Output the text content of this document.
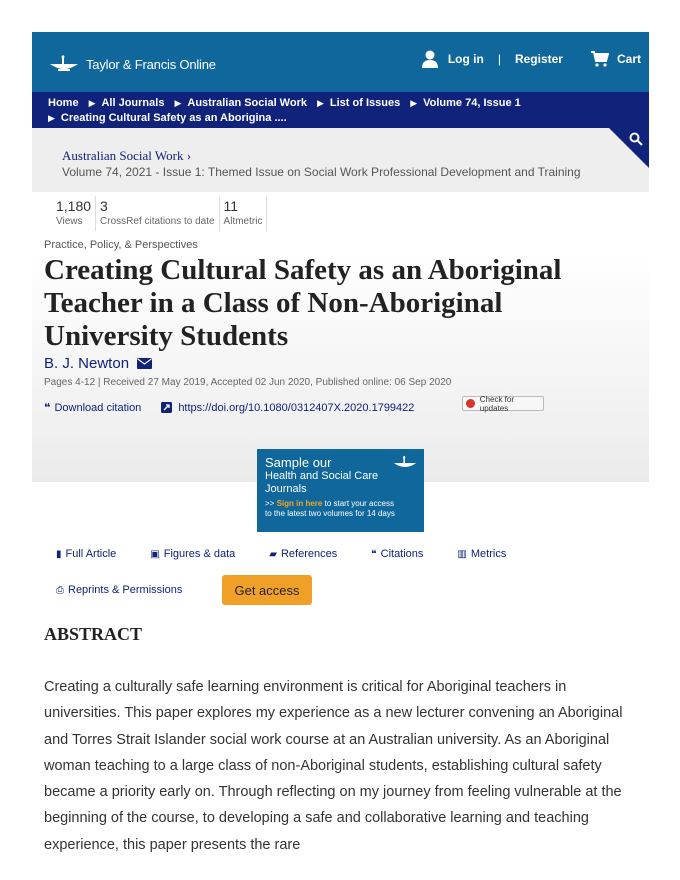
Taylor & Francis Online	Log in | Register	Cart
Home ▶ All Journals ▶ Australian Social Work ▶ List of Issues ▶ Volume 74, Issue 1
▶ Creating Cultural Safety as an Aborigina ....
Australian Social Work ›
Volume 74, 2021 - Issue 1: Themed Issue on Social Work Professional Development and Training
1,180
Views
3
CrossRef citations to date
11
Altmetric
Practice, Policy, & Perspectives
Creating Cultural Safety as an Aboriginal Teacher in a Class of Non-Aboriginal University Students
B. J. Newton
Pages 4-12 | Received 27 May 2019, Accepted 02 Jun 2020, Published online: 06 Sep 2020
❝ Download citation	https://doi.org/10.1080/0312407X.2020.1799422
Check for updates
Sample our
Health and Social Care
Journals
>> Sign in here to start your access
to the latest two volumes for 14 days
▮ Full Article	▣ Figures & data	▰ References	❝ Citations	▥ Metrics
⎙ Reprints & Permissions	Get access
ABSTRACT

Creating a culturally safe learning environment is critical for Aboriginal teachers in universities. This paper explores my experience as a new lecturer convening an Aboriginal and Torres Strait Islander social work course at an Australian university. As an Aboriginal woman teaching to a large class of non-Aboriginal students, establishing cultural safety became a priority early on. Through reflecting on my journey from feeling vulnerable at the beginning of the course, to developing a safe and collaborative learning and teaching experience, this paper presents the rare
